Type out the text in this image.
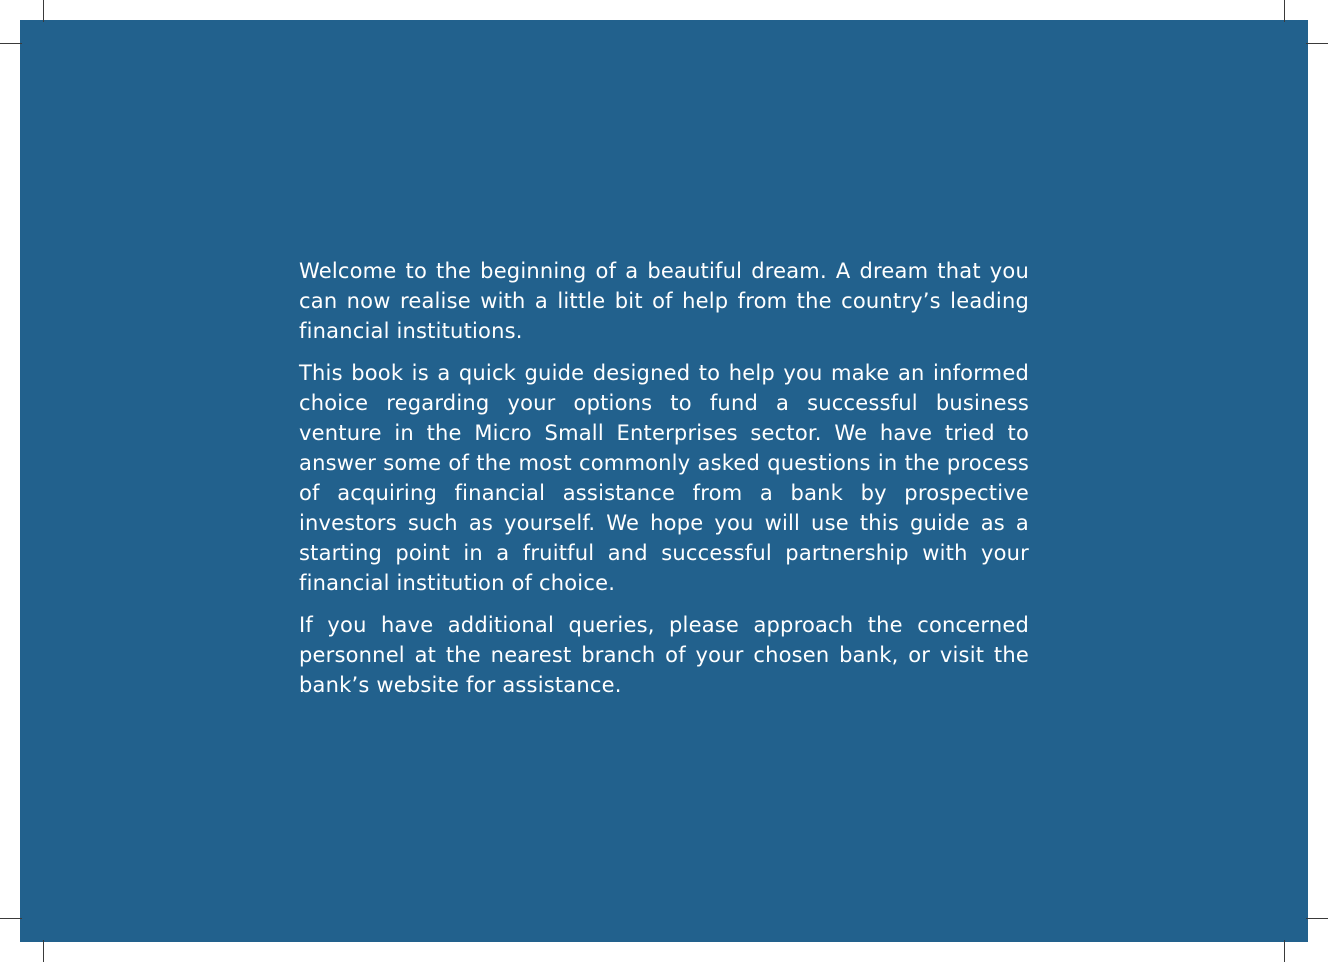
Welcome to the beginning of a beautiful dream. A dream that you can now realise with a little bit of help from the country’s leading financial institutions.

This book is a quick guide designed to help you make an informed choice regarding your options to fund a successful business venture in the Micro Small Enterprises sector. We have tried to answer some of the most commonly asked questions in the process of acquiring financial assistance from a bank by prospective investors such as yourself. We hope you will use this guide as a starting point in a fruitful and successful partnership with your financial institution of choice.

If you have additional queries, please approach the concerned personnel at the nearest branch of your chosen bank, or visit the bank’s website for assistance.
